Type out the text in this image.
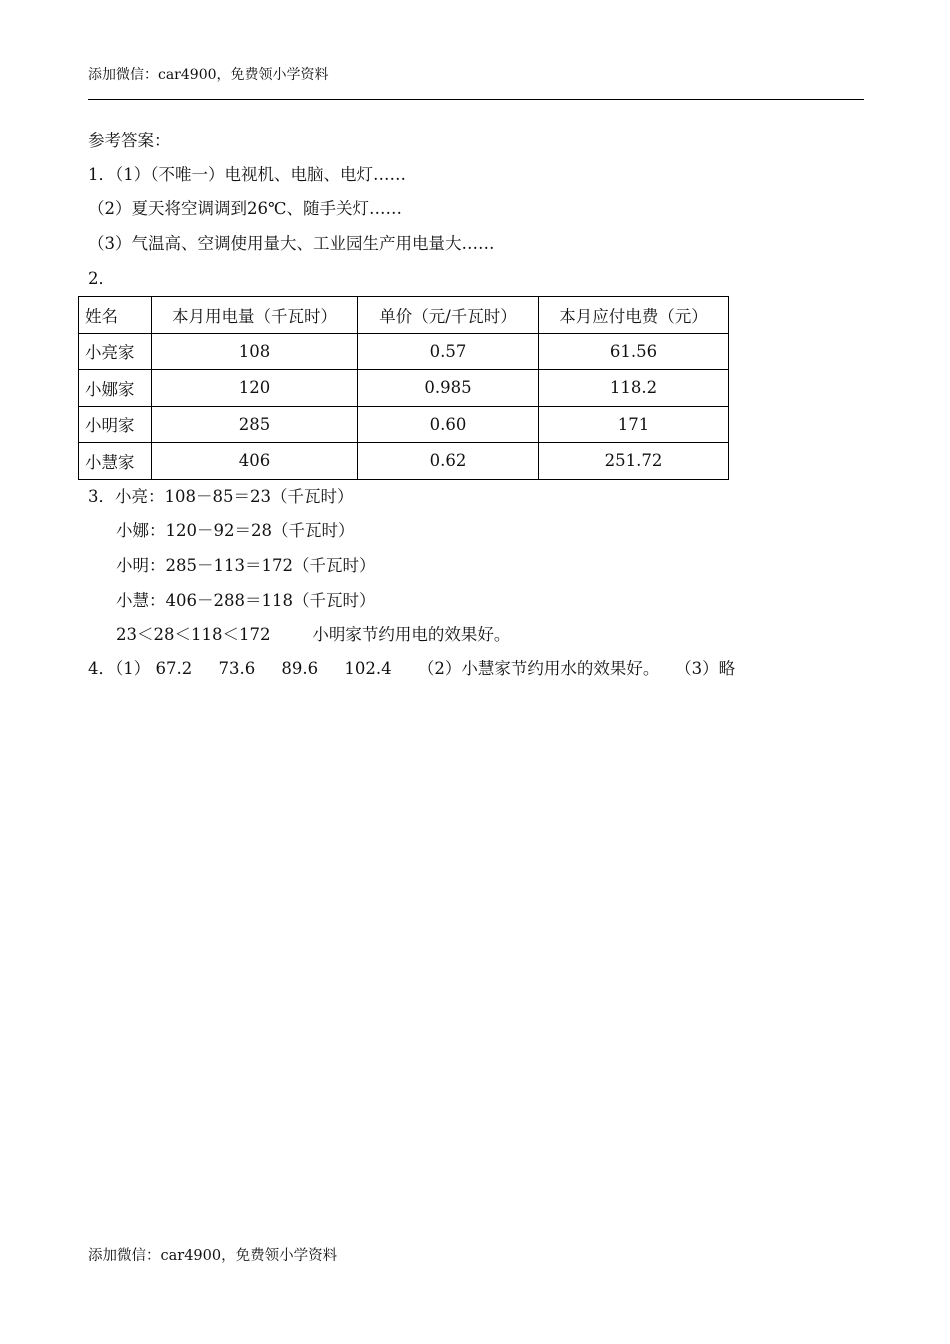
添加微信：car4900，免费领小学资料
参考答案：
1．（1）（不唯一）电视机、电脑、电灯……
（2）夏天将空调调到26℃、随手关灯……
（3）气温高、空调使用量大、工业园生产用电量大……
2．
姓名	本月用电量（千瓦时）	单价（元/千瓦时）	本月应付电费（元）
小亮家	108	0.57	61.56
小娜家	120	0.985	118.2
小明家	285	0.60	171
小慧家	406	0.62	251.72
3．小亮：108－85＝23（千瓦时）
小娜：120－92＝28（千瓦时）
小明：285－113＝172（千瓦时）
小慧：406－288＝118（千瓦时）
23＜28＜118＜172        小明家节约用电的效果好。
4．（1） 67.2     73.6     89.6     102.4     （2）小慧家节约用水的效果好。   （3）略
添加微信：car4900，免费领小学资料
